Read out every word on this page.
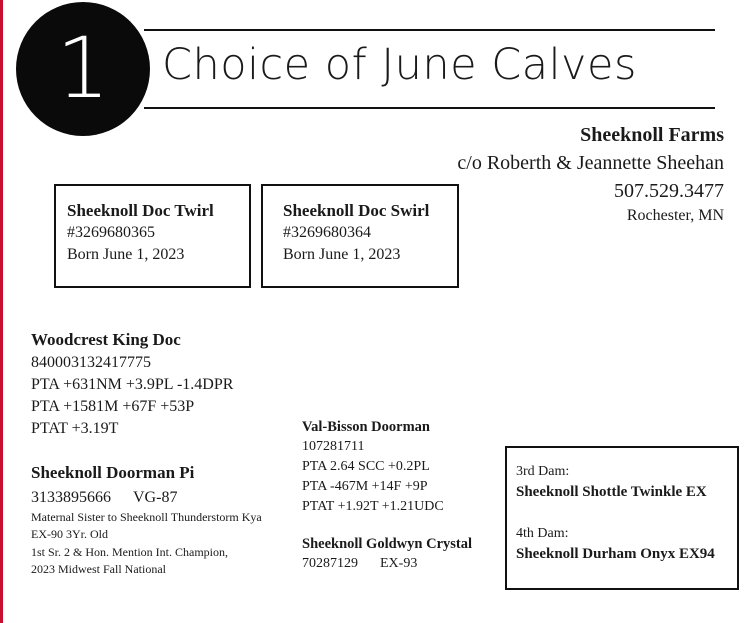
1	Choice of June Calves
Sheeknoll Farms
c/o Roberth & Jeannette Sheehan
507.529.3477
Rochester, MN
Sheeknoll Doc Twirl
#3269680365
Born June 1, 2023
Sheeknoll Doc Swirl
#3269680364
Born June 1, 2023
Woodcrest King Doc
840003132417775
PTA +631NM +3.9PL -1.4DPR
PTA +1581M +67F +53P
PTAT +3.19T
Sheeknoll Doorman Pi
3133895666 VG-87
Maternal Sister to Sheeknoll Thunderstorm Kya
EX-90 3Yr. Old
1st Sr. 2 & Hon. Mention Int. Champion,
2023 Midwest Fall National
Val-Bisson Doorman
107281711
PTA 2.64 SCC +0.2PL
PTA -467M +14F +9P
PTAT +1.92T +1.21UDC
Sheeknoll Goldwyn Crystal
70287129 EX-93
3rd Dam:
Sheeknoll Shottle Twinkle EX
4th Dam:
Sheeknoll Durham Onyx EX94
